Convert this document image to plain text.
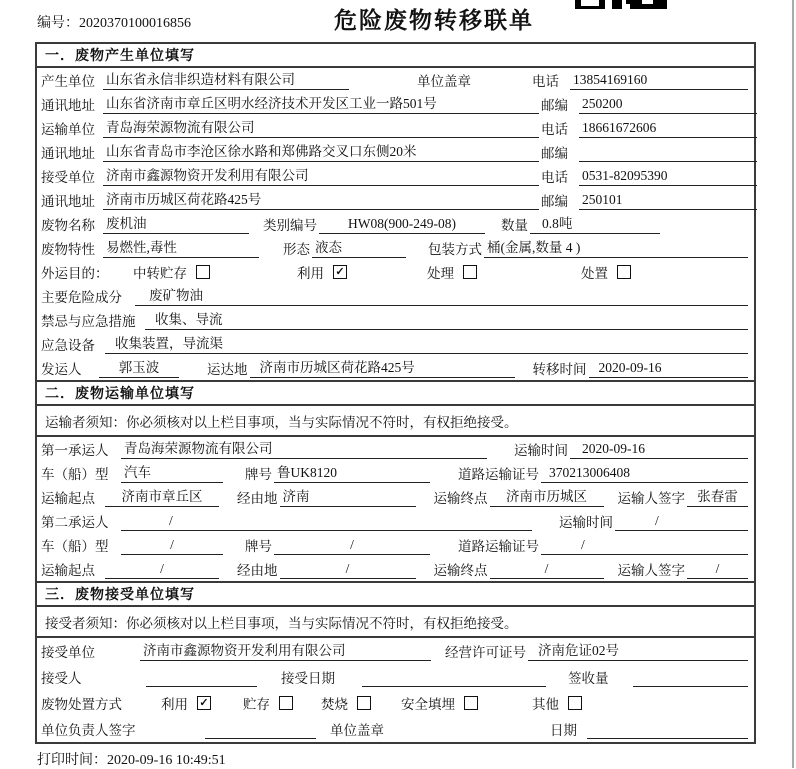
编号：2020370100016856	危险废物转移联单
一．废物产生单位填写
产生单位 山东省永信非织造材料有限公司	单位盖章	电话	13854169160
通讯地址 山东省济南市章丘区明水经济技术开发区工业一路501号	邮编	250200
运输单位 青岛海荣源物流有限公司	电话	18661672606
通讯地址 山东省青岛市李沧区徐水路和郑佛路交叉口东侧20米	邮编
接受单位 济南市鑫源物资开发利用有限公司	电话	0531-82095390
通讯地址 济南市历城区荷花路425号	邮编	250101
废物名称 废机油	类别编号	HW08(900-249-08)	数量	0.8吨
废物特性 易燃性,毒性	形态 液态	包装方式 桶(金属,数量 4 )
外运目的：	中转贮存	利用 ✓	处理	处置
主要危险成分	废矿物油
禁忌与应急措施	收集、导流
应急设备	收集装置，导流渠
发运人	郭玉波	运达地 济南市历城区荷花路425号	转移时间 2020-09-16
二．废物运输单位填写
运输者须知：你必须核对以上栏目事项，当与实际情况不符时，有权拒绝接受。
第一承运人	青岛海荣源物流有限公司	运输时间	2020-09-16
车（船）型	汽车	牌号 鲁UK8120	道路运输证号 370213006408
运输起点	济南市章丘区	经由地 济南	运输终点	济南市历城区	运输人签字 张春雷
第二承运人	/	运输时间	/
车（船）型	/	牌号	/	道路运输证号	/
运输起点	/	经由地	/	运输终点	/	运输人签字	/
三．废物接受单位填写
接受者须知：你必须核对以上栏目事项，当与实际情况不符时，有权拒绝接受。
接受单位	济南市鑫源物资开发利用有限公司	经营许可证号 济南危证02号
接受人	接受日期	签收量
废物处置方式	利用 ✓	贮存	焚烧	安全填埋	其他
单位负责人签字	单位盖章	日期
打印时间：2020-09-16 10:49:51
